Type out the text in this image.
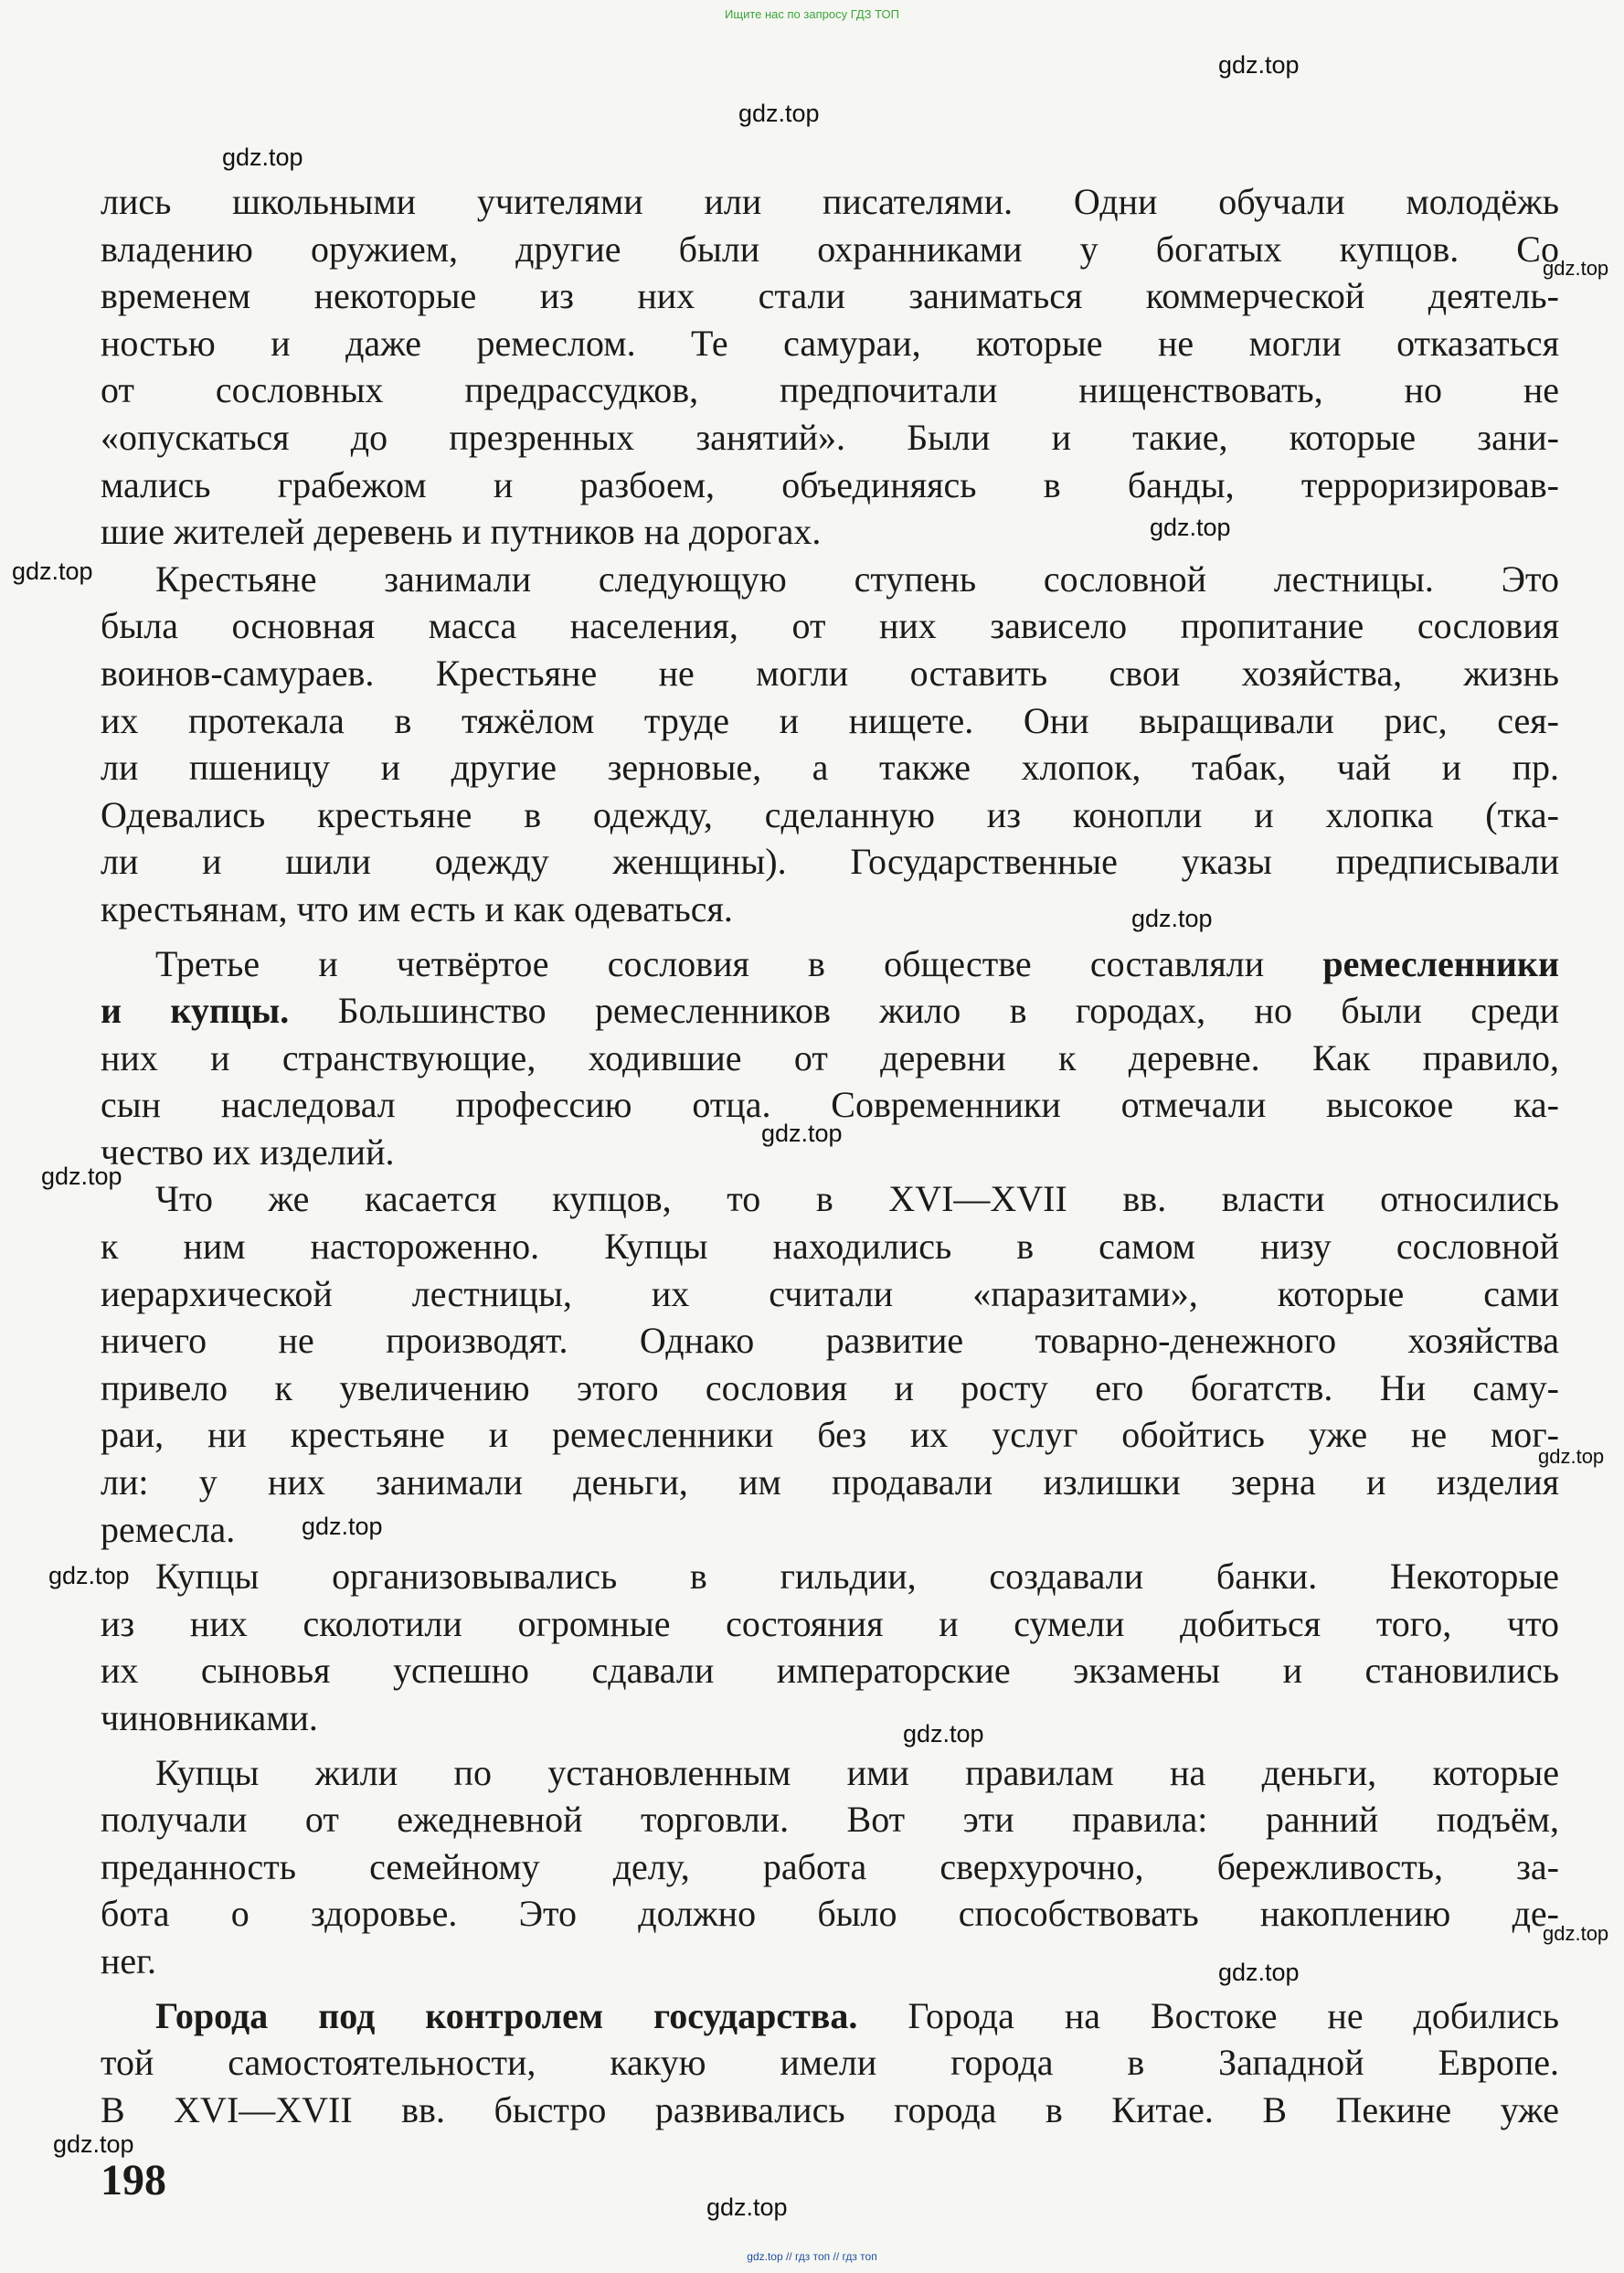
Ищите нас по запросу ГДЗ ТОП
gdz.top
gdz.top
gdz.top
gdz.top
gdz.top
gdz.top
gdz.top
gdz.top
gdz.top
gdz.top
gdz.top
gdz.top
gdz.top
gdz.top
gdz.top
gdz.top
gdz.top
лись школьными учителями или писателями. Одни обучали молодёжь
владению оружием, другие были охранниками у богатых купцов. Со
временем некоторые из них стали заниматься коммерческой деятель-
ностью и даже ремеслом. Те самураи, которые не могли отказаться
от сословных предрассудков, предпочитали нищенствовать, но не
«опускаться до презренных занятий». Были и такие, которые зани-
мались грабежом и разбоем, объединяясь в банды, терроризировав-
шие жителей деревень и путников на дорогах.
Крестьяне занимали следующую ступень сословной лестницы. Это
была основная масса населения, от них зависело пропитание сословия
воинов-самураев. Крестьяне не могли оставить свои хозяйства, жизнь
их протекала в тяжёлом труде и нищете. Они выращивали рис, сея-
ли пшеницу и другие зерновые, а также хлопок, табак, чай и пр.
Одевались крестьяне в одежду, сделанную из конопли и хлопка (тка-
ли и шили одежду женщины). Государственные указы предписывали
крестьянам, что им есть и как одеваться.
Третье и четвёртое сословия в обществе составляли ремесленники
и купцы. Большинство ремесленников жило в городах, но были среди
них и странствующие, ходившие от деревни к деревне. Как правило,
сын наследовал профессию отца. Современники отмечали высокое ка-
чество их изделий.
Что же касается купцов, то в XVI—XVII вв. власти относились
к ним настороженно. Купцы находились в самом низу сословной
иерархической лестницы, их считали «паразитами», которые сами
ничего не производят. Однако развитие товарно-денежного хозяйства
привело к увеличению этого сословия и росту его богатств. Ни саму-
раи, ни крестьяне и ремесленники без их услуг обойтись уже не мог-
ли: у них занимали деньги, им продавали излишки зерна и изделия
ремесла.
Купцы организовывались в гильдии, создавали банки. Некоторые
из них сколотили огромные состояния и сумели добиться того, что
их сыновья успешно сдавали императорские экзамены и становились
чиновниками.
Купцы жили по установленным ими правилам на деньги, которые
получали от ежедневной торговли. Вот эти правила: ранний подъём,
преданность семейному делу, работа сверхурочно, бережливость, за-
бота о здоровье. Это должно было способствовать накоплению де-
нег.
Города под контролем государства. Города на Востоке не добились
той самостоятельности, какую имели города в Западной Европе.
В XVI—XVII вв. быстро развивались города в Китае. В Пекине уже
198
gdz.top // гдз топ // гдз топ
